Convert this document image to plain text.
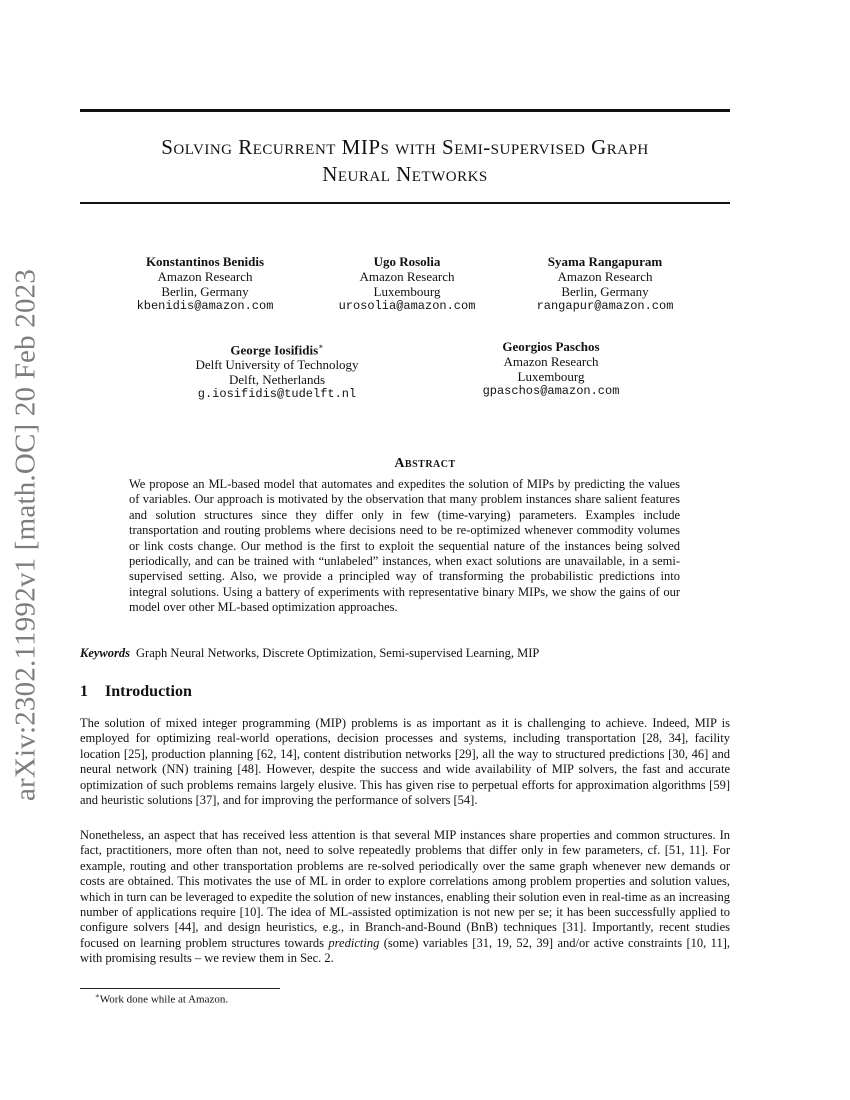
arXiv:2302.11992v1 [math.OC] 20 Feb 2023
Solving Recurrent MIPs with Semi-supervised Graph
Neural Networks
Konstantinos Benidis
Amazon Research
Berlin, Germany
kbenidis@amazon.com
Ugo Rosolia
Amazon Research
Luxembourg
urosolia@amazon.com
Syama Rangapuram
Amazon Research
Berlin, Germany
rangapur@amazon.com
George Iosifidis∗
Delft University of Technology
Delft, Netherlands
g.iosifidis@tudelft.nl
Georgios Paschos
Amazon Research
Luxembourg
gpaschos@amazon.com
Abstract
We propose an ML-based model that automates and expedites the solution of MIPs by predicting the values of variables. Our approach is motivated by the observation that many problem instances share salient features and solution structures since they differ only in few (time-varying) parameters. Examples include transportation and routing problems where decisions need to be re-optimized whenever commodity volumes or link costs change. Our method is the first to exploit the sequential nature of the instances being solved periodically, and can be trained with “unlabeled” instances, when exact solutions are unavailable, in a semi-supervised setting. Also, we provide a principled way of transforming the probabilistic predictions into integral solutions. Using a battery of experiments with representative binary MIPs, we show the gains of our model over other ML-based optimization approaches.
Keywords Graph Neural Networks, Discrete Optimization, Semi-supervised Learning, MIP
1 Introduction
The solution of mixed integer programming (MIP) problems is as important as it is challenging to achieve. Indeed, MIP is employed for optimizing real-world operations, decision processes and systems, including transportation [28, 34], facility location [25], production planning [62, 14], content distribution networks [29], all the way to structured predictions [30, 46] and neural network (NN) training [48]. However, despite the success and wide availability of MIP solvers, the fast and accurate optimization of such problems remains largely elusive. This has given rise to perpetual efforts for approximation algorithms [59] and heuristic solutions [37], and for improving the performance of solvers [54].
Nonetheless, an aspect that has received less attention is that several MIP instances share properties and common structures. In fact, practitioners, more often than not, need to solve repeatedly problems that differ only in few parameters, cf. [51, 11]. For example, routing and other transportation problems are re-solved periodically over the same graph whenever new demands or costs are obtained. This motivates the use of ML in order to explore correlations among problem properties and solution values, which in turn can be leveraged to expedite the solution of new instances, enabling their solution even in real-time as an increasing number of applications require [10]. The idea of ML-assisted optimization is not new per se; it has been successfully applied to configure solvers [44], and design heuristics, e.g., in Branch-and-Bound (BnB) techniques [31]. Importantly, recent studies focused on learning problem structures towards predicting (some) variables [31, 19, 52, 39] and/or active constraints [10, 11], with promising results – we review them in Sec. 2.
∗Work done while at Amazon.
